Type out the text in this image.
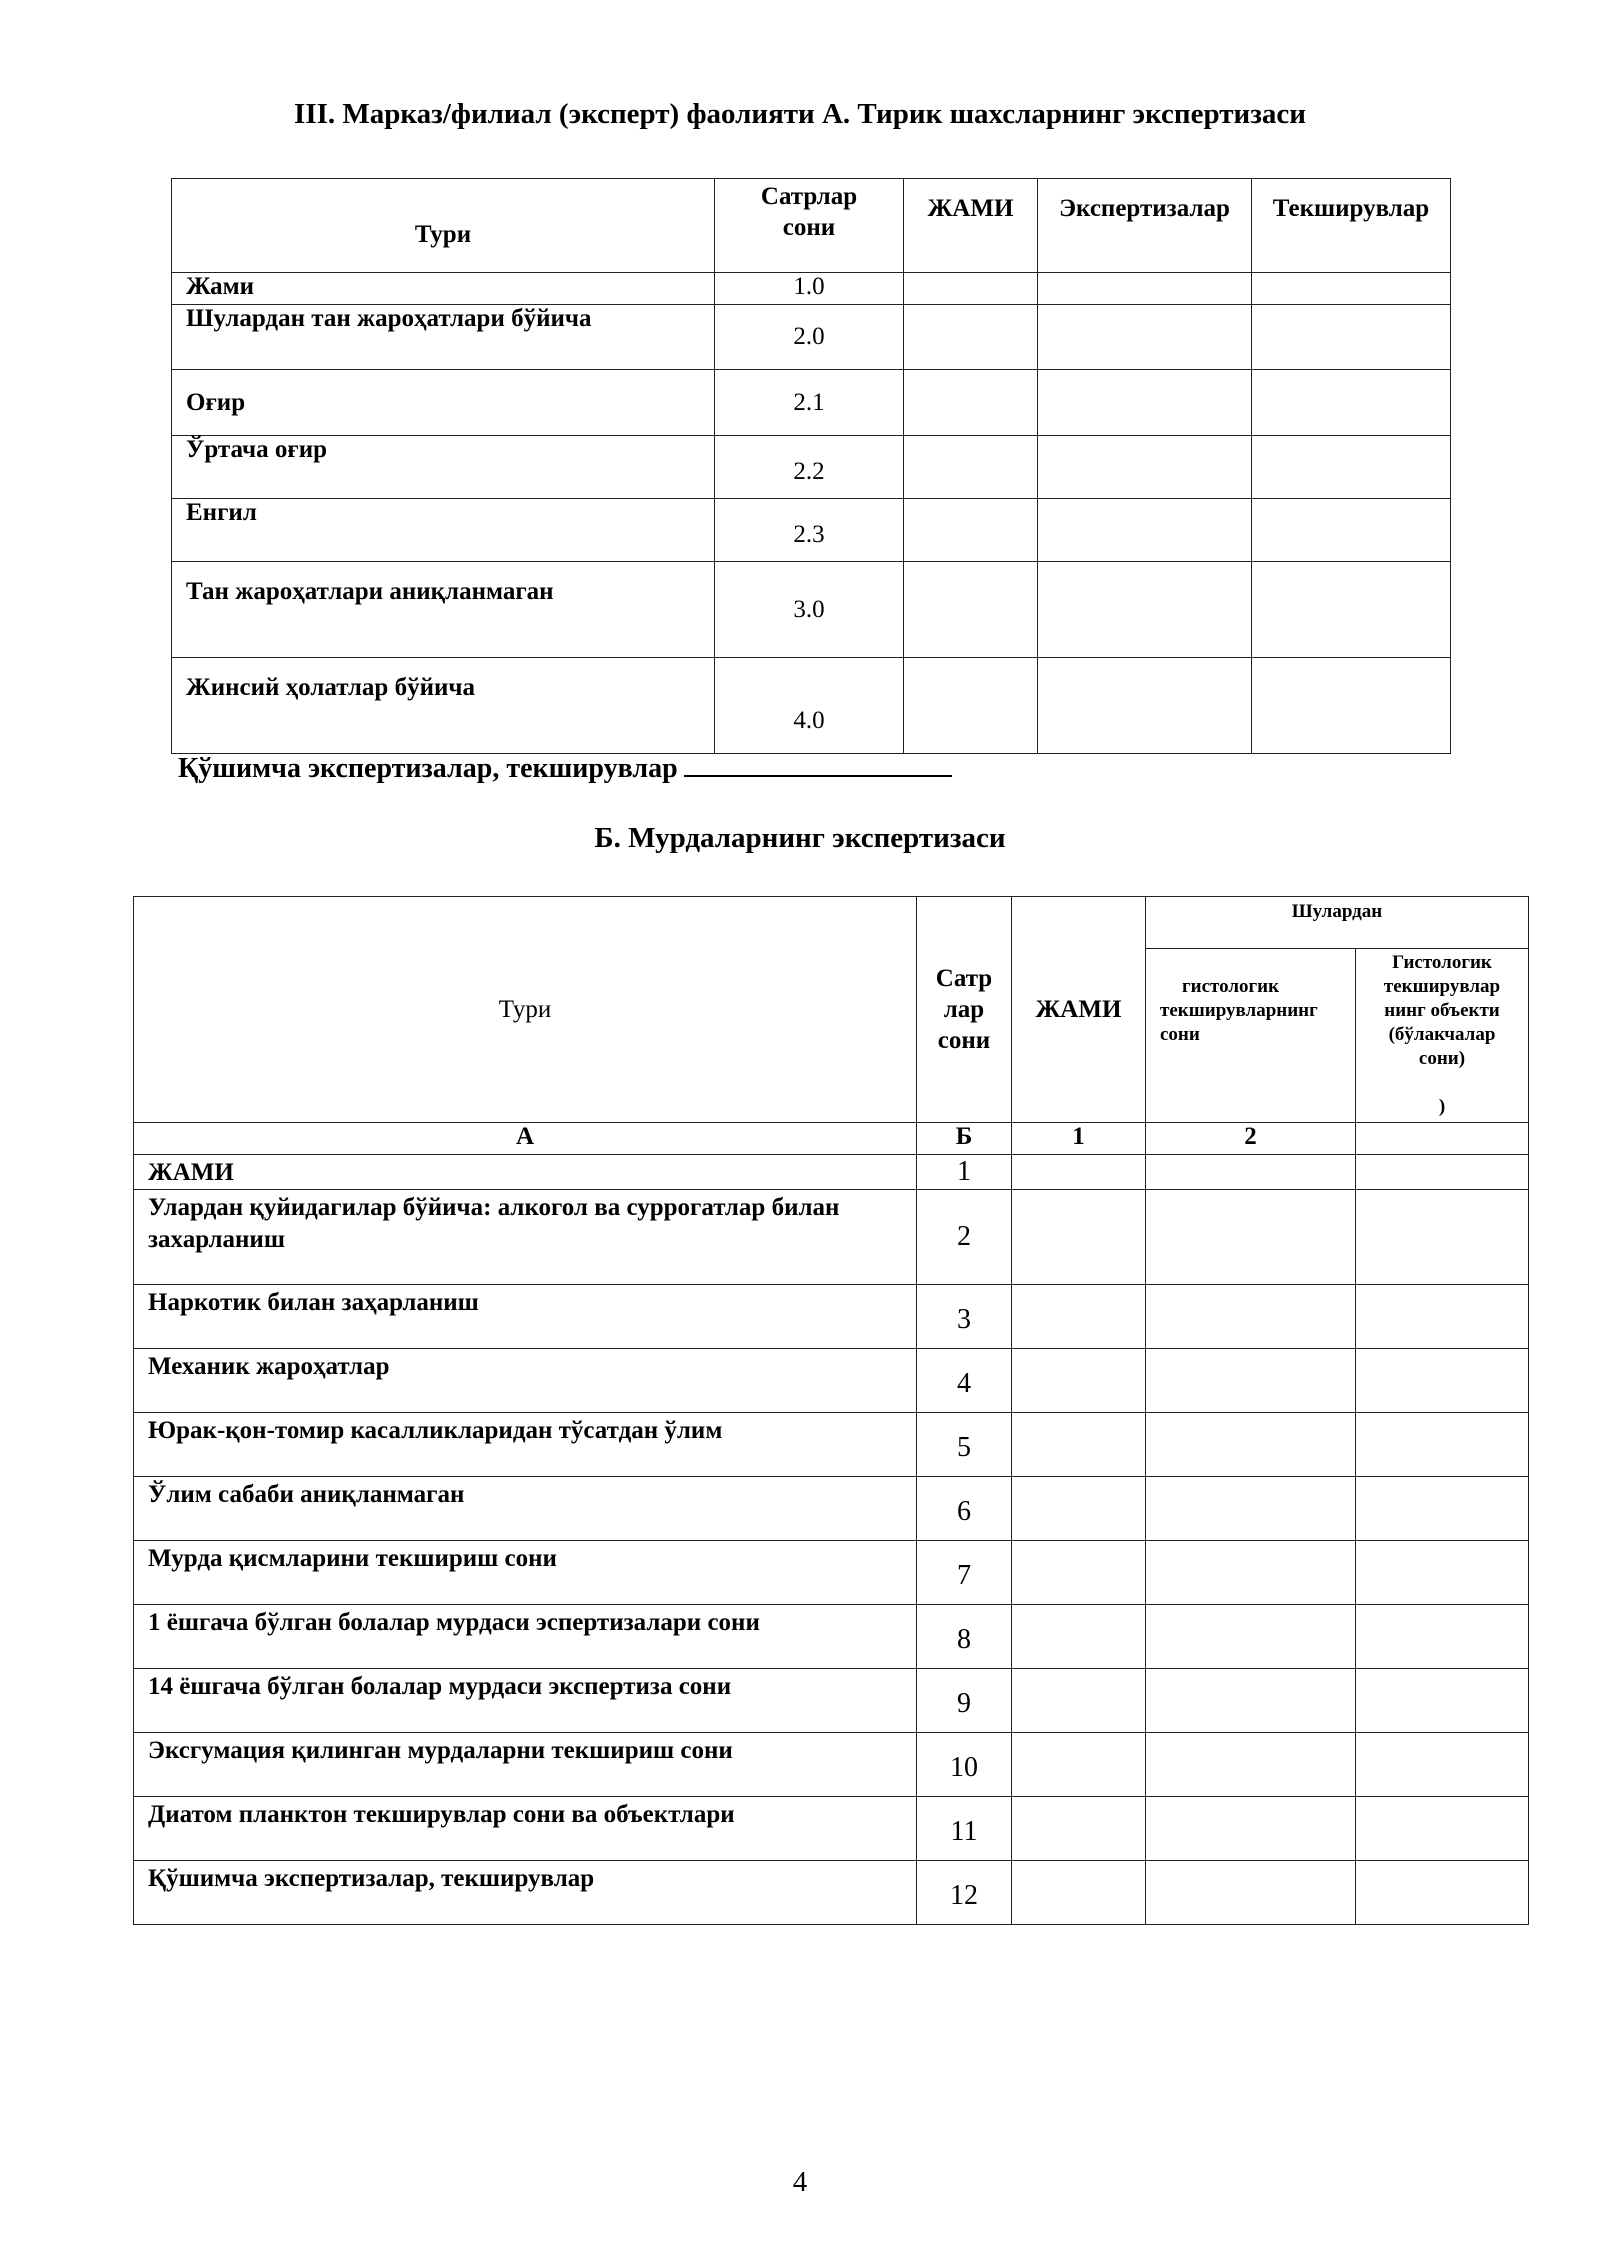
III. Марказ/филиал (эксперт) фаолияти А. Тирик шахсларнинг экспертизаси
Тури	Сатрлар сони	ЖАМИ	Экспертизалар	Текширувлар
Жами	1.0			
Шулардан тан жароҳатлари бўйича	2.0			
Оғир	2.1			
Ўртача оғир	2.2			
Енгил	2.3			
Тан жароҳатлари аниқланмаган	3.0			
Жинсий ҳолатлар бўйича	4.0			
Қўшимча экспертизалар, текширувлар
Б. Мурдаларнинг экспертизаси
Тури	Сатр лар сони	ЖАМИ	Шулардан	

			гистологик текширувларнинг сони	Гистологик текширувлар нинг объекти (бўлакчалар сони)
)

А	Б	1	2	
ЖАМИ	1			
Улардан қуйидагилар бўйича: алкогол ва суррогатлар билан захарланиш	2			
Наркотик билан заҳарланиш	3			
Механик жароҳатлар	4			
Юрак-қон-томир касалликларидан тўсатдан ўлим	5			
Ўлим сабаби аниқланмаган	6			
Мурда қисмларини текшириш сони	7			
1 ёшгача бўлган болалар мурдаси эспертизалари сони	8			
14 ёшгача бўлган болалар мурдаси экспертиза сони	9			
Эксгумация қилинган мурдаларни текшириш сони	10			
Диатом планктон текширувлар сони ва объектлари	11			
Қўшимча экспертизалар, текширувлар	12			
4
